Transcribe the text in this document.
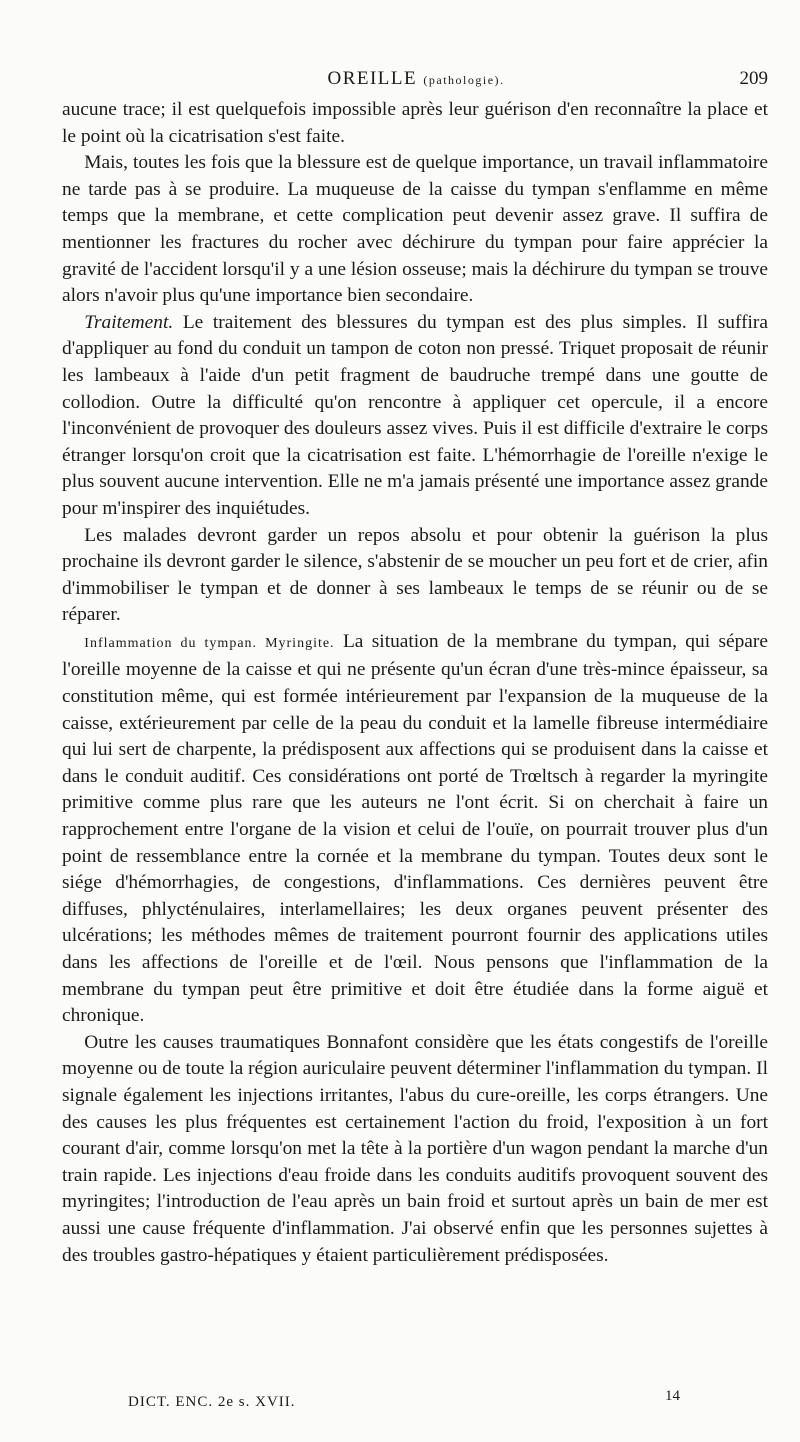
OREILLE (pathologie).	209

aucune trace; il est quelquefois impossible après leur guérison d'en reconnaître la place et le point où la cicatrisation s'est faite.

Mais, toutes les fois que la blessure est de quelque importance, un travail inflammatoire ne tarde pas à se produire. La muqueuse de la caisse du tympan s'enflamme en même temps que la membrane, et cette complication peut devenir assez grave. Il suffira de mentionner les fractures du rocher avec déchirure du tympan pour faire apprécier la gravité de l'accident lorsqu'il y a une lésion osseuse; mais la déchirure du tympan se trouve alors n'avoir plus qu'une importance bien secondaire.

Traitement. Le traitement des blessures du tympan est des plus simples. Il suffira d'appliquer au fond du conduit un tampon de coton non pressé. Triquet proposait de réunir les lambeaux à l'aide d'un petit fragment de baudruche trempé dans une goutte de collodion. Outre la difficulté qu'on rencontre à appliquer cet opercule, il a encore l'inconvénient de provoquer des douleurs assez vives. Puis il est difficile d'extraire le corps étranger lorsqu'on croit que la cicatrisation est faite. L'hémorrhagie de l'oreille n'exige le plus souvent aucune intervention. Elle ne m'a jamais présenté une importance assez grande pour m'inspirer des inquiétudes.

Les malades devront garder un repos absolu et pour obtenir la guérison la plus prochaine ils devront garder le silence, s'abstenir de se moucher un peu fort et de crier, afin d'immobiliser le tympan et de donner à ses lambeaux le temps de se réunir ou de se réparer.

Inflammation du tympan. Myringite. La situation de la membrane du tympan, qui sépare l'oreille moyenne de la caisse et qui ne présente qu'un écran d'une très-mince épaisseur, sa constitution même, qui est formée intérieurement par l'expansion de la muqueuse de la caisse, extérieurement par celle de la peau du conduit et la lamelle fibreuse intermédiaire qui lui sert de charpente, la prédisposent aux affections qui se produisent dans la caisse et dans le conduit auditif. Ces considérations ont porté de Trœltsch à regarder la myringite primitive comme plus rare que les auteurs ne l'ont écrit. Si on cherchait à faire un rapprochement entre l'organe de la vision et celui de l'ouïe, on pourrait trouver plus d'un point de ressemblance entre la cornée et la membrane du tympan. Toutes deux sont le siége d'hémorrhagies, de congestions, d'inflammations. Ces dernières peuvent être diffuses, phlycténulaires, interlamellaires; les deux organes peuvent présenter des ulcérations; les méthodes mêmes de traitement pourront fournir des applications utiles dans les affections de l'oreille et de l'œil. Nous pensons que l'inflammation de la membrane du tympan peut être primitive et doit être étudiée dans la forme aiguë et chronique.

Outre les causes traumatiques Bonnafont considère que les états congestifs de l'oreille moyenne ou de toute la région auriculaire peuvent déterminer l'inflammation du tympan. Il signale également les injections irritantes, l'abus du cure-oreille, les corps étrangers. Une des causes les plus fréquentes est certainement l'action du froid, l'exposition à un fort courant d'air, comme lorsqu'on met la tête à la portière d'un wagon pendant la marche d'un train rapide. Les injections d'eau froide dans les conduits auditifs provoquent souvent des myringites; l'introduction de l'eau après un bain froid et surtout après un bain de mer est aussi une cause fréquente d'inflammation. J'ai observé enfin que les personnes sujettes à des troubles gastro-hépatiques y étaient particulièrement prédisposées.

DICT. ENC. 2e s. XVII.	14
